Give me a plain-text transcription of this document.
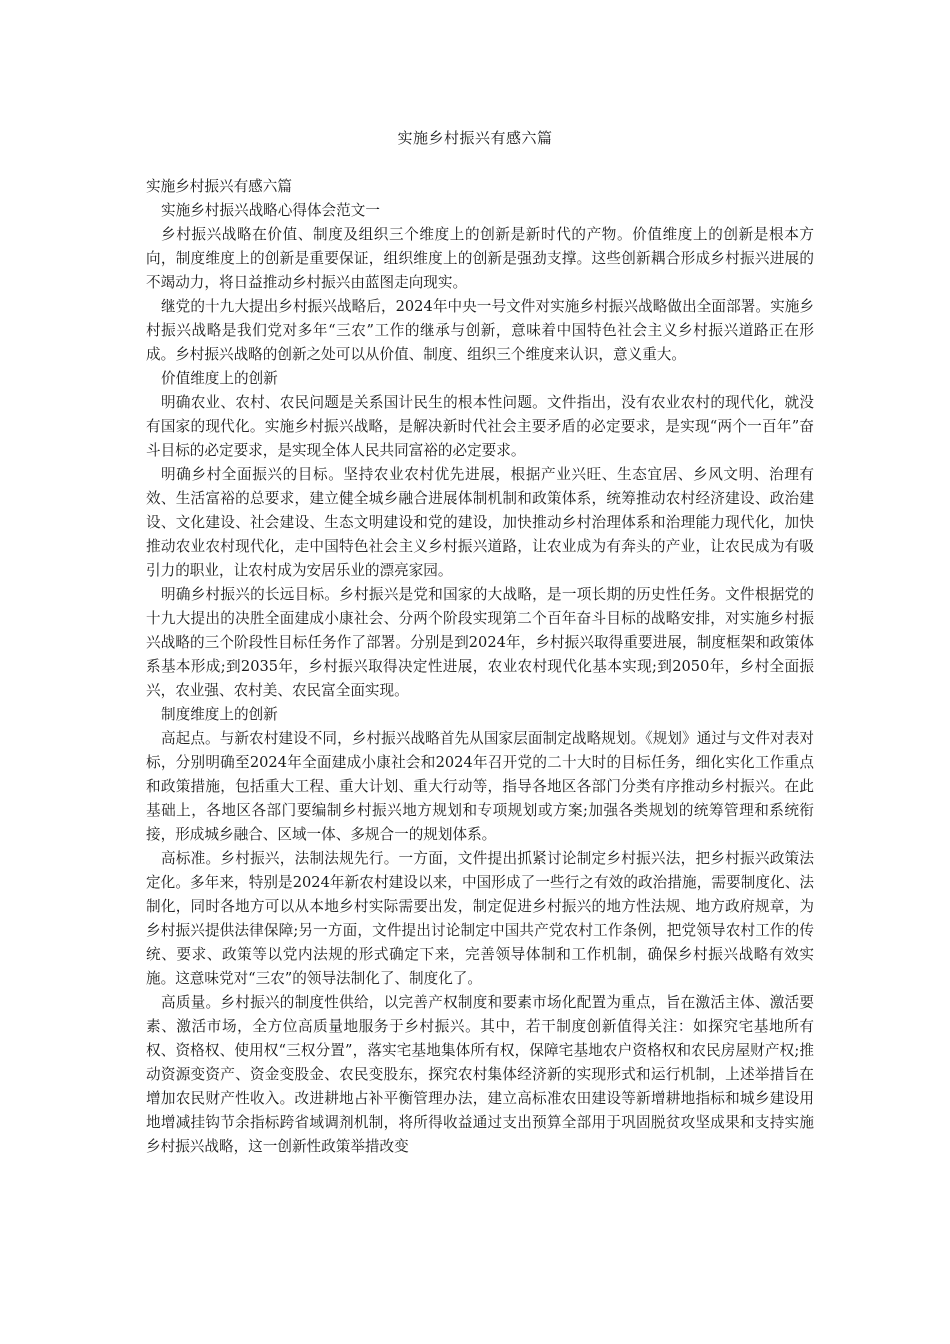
实施乡村振兴有感六篇

实施乡村振兴有感六篇

实施乡村振兴战略心得体会范文一

乡村振兴战略在价值、制度及组织三个维度上的创新是新时代的产物。价值维度上的创新是根本方向，制度维度上的创新是重要保证，组织维度上的创新是强劲支撑。这些创新耦合形成乡村振兴进展的不竭动力，将日益推动乡村振兴由蓝图走向现实。

继党的十九大提出乡村振兴战略后，2024年中央一号文件对实施乡村振兴战略做出全面部署。实施乡村振兴战略是我们党对多年“三农”工作的继承与创新，意味着中国特色社会主义乡村振兴道路正在形成。乡村振兴战略的创新之处可以从价值、制度、组织三个维度来认识，意义重大。

价值维度上的创新

明确农业、农村、农民问题是关系国计民生的根本性问题。文件指出，没有农业农村的现代化，就没有国家的现代化。实施乡村振兴战略，是解决新时代社会主要矛盾的必定要求，是实现“两个一百年”奋斗目标的必定要求，是实现全体人民共同富裕的必定要求。

明确乡村全面振兴的目标。坚持农业农村优先进展，根据产业兴旺、生态宜居、乡风文明、治理有效、生活富裕的总要求，建立健全城乡融合进展体制机制和政策体系，统筹推动农村经济建设、政治建设、文化建设、社会建设、生态文明建设和党的建设，加快推动乡村治理体系和治理能力现代化，加快推动农业农村现代化，走中国特色社会主义乡村振兴道路，让农业成为有奔头的产业，让农民成为有吸引力的职业，让农村成为安居乐业的漂亮家园。

明确乡村振兴的长远目标。乡村振兴是党和国家的大战略，是一项长期的历史性任务。文件根据党的十九大提出的决胜全面建成小康社会、分两个阶段实现第二个百年奋斗目标的战略安排，对实施乡村振兴战略的三个阶段性目标任务作了部署。分别是到2024年，乡村振兴取得重要进展，制度框架和政策体系基本形成;到2035年，乡村振兴取得决定性进展，农业农村现代化基本实现;到2050年，乡村全面振兴，农业强、农村美、农民富全面实现。

制度维度上的创新

高起点。与新农村建设不同，乡村振兴战略首先从国家层面制定战略规划。《规划》通过与文件对表对标，分别明确至2024年全面建成小康社会和2024年召开党的二十大时的目标任务，细化实化工作重点和政策措施，包括重大工程、重大计划、重大行动等，指导各地区各部门分类有序推动乡村振兴。在此基础上，各地区各部门要编制乡村振兴地方规划和专项规划或方案;加强各类规划的统筹管理和系统衔接，形成城乡融合、区域一体、多规合一的规划体系。

高标准。乡村振兴，法制法规先行。一方面，文件提出抓紧讨论制定乡村振兴法，把乡村振兴政策法定化。多年来，特别是2024年新农村建设以来，中国形成了一些行之有效的政治措施，需要制度化、法制化，同时各地方可以从本地乡村实际需要出发，制定促进乡村振兴的地方性法规、地方政府规章，为乡村振兴提供法律保障;另一方面，文件提出讨论制定中国共产党农村工作条例，把党领导农村工作的传统、要求、政策等以党内法规的形式确定下来，完善领导体制和工作机制，确保乡村振兴战略有效实施。这意味党对“三农”的领导法制化了、制度化了。

高质量。乡村振兴的制度性供给，以完善产权制度和要素市场化配置为重点，旨在激活主体、激活要素、激活市场，全方位高质量地服务于乡村振兴。其中，若干制度创新值得关注：如探究宅基地所有权、资格权、使用权“三权分置”，落实宅基地集体所有权，保障宅基地农户资格权和农民房屋财产权;推动资源变资产、资金变股金、农民变股东，探究农村集体经济新的实现形式和运行机制，上述举措旨在增加农民财产性收入。改进耕地占补平衡管理办法，建立高标准农田建设等新增耕地指标和城乡建设用地增减挂钩节余指标跨省域调剂机制，将所得收益通过支出预算全部用于巩固脱贫攻坚成果和支持实施乡村振兴战略，这一创新性政策举措改变
